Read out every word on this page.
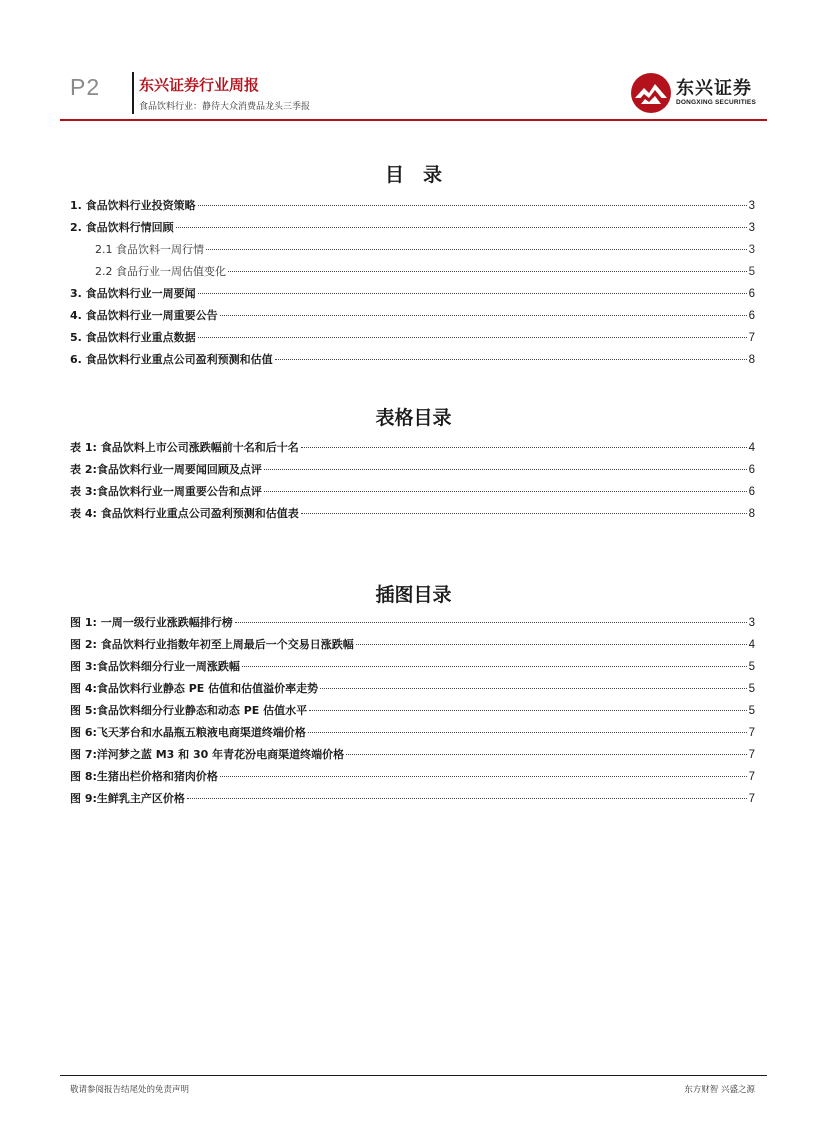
P2	东兴证券行业周报
食品饮料行业：静待大众消费品龙头三季报
东兴证券
DONGXING SECURITIES
目　录
1. 食品饮料行业投资策略	3
2. 食品饮料行情回顾	3
2.1 食品饮料一周行情	3
2.2 食品行业一周估值变化	5
3. 食品饮料行业一周要闻	6
4. 食品饮料行业一周重要公告	6
5. 食品饮料行业重点数据	7
6. 食品饮料行业重点公司盈利预测和估值	8
表格目录
表 1: 食品饮料上市公司涨跌幅前十名和后十名	4
表 2:食品饮料行业一周要闻回顾及点评	6
表 3:食品饮料行业一周重要公告和点评	6
表 4: 食品饮料行业重点公司盈利预测和估值表	8
插图目录
图 1: 一周一级行业涨跌幅排行榜	3
图 2: 食品饮料行业指数年初至上周最后一个交易日涨跌幅	4
图 3:食品饮料细分行业一周涨跌幅	5
图 4:食品饮料行业静态 PE 估值和估值溢价率走势	5
图 5:食品饮料细分行业静态和动态 PE 估值水平	5
图 6:飞天茅台和水晶瓶五粮液电商渠道终端价格	7
图 7:洋河梦之蓝 M3 和 30 年青花汾电商渠道终端价格	7
图 8:生猪出栏价格和猪肉价格	7
图 9:生鲜乳主产区价格	7
敬请参阅报告结尾处的免责声明	东方财智 兴盛之源
